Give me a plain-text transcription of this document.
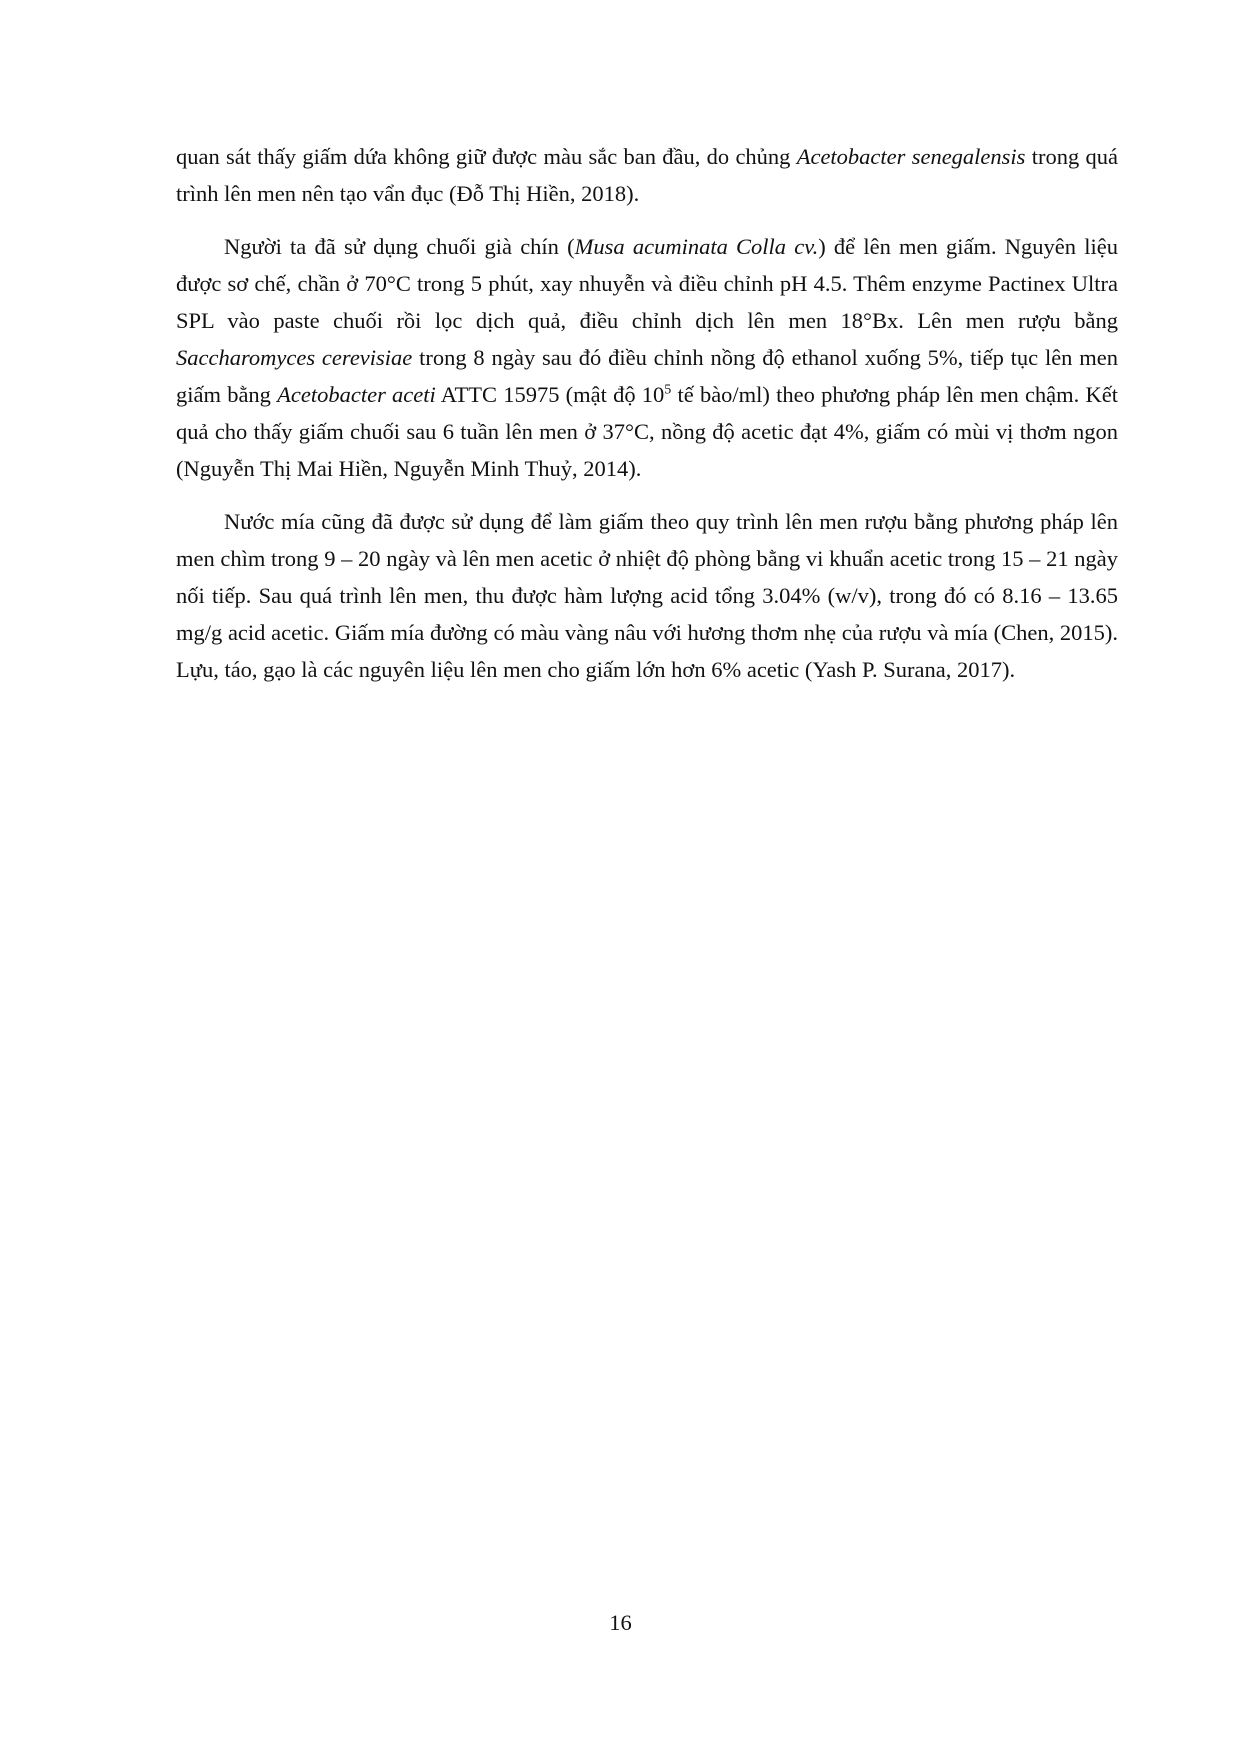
quan sát thấy giấm dứa không giữ được màu sắc ban đầu, do chủng Acetobacter senegalensis trong quá trình lên men nên tạo vẩn đục (Đỗ Thị Hiền, 2018).

Người ta đã sử dụng chuối già chín (Musa acuminata Colla cv.) để lên men giấm. Nguyên liệu được sơ chế, chần ở 70°C trong 5 phút, xay nhuyễn và điều chỉnh pH 4.5. Thêm enzyme Pactinex Ultra SPL vào paste chuối rồi lọc dịch quả, điều chỉnh dịch lên men 18°Bx. Lên men rượu bằng Saccharomyces cerevisiae trong 8 ngày sau đó điều chỉnh nồng độ ethanol xuống 5%, tiếp tục lên men giấm bằng Acetobacter aceti ATTC 15975 (mật độ $10^5$ tế bào/ml) theo phương pháp lên men chậm. Kết quả cho thấy giấm chuối sau 6 tuần lên men ở 37°C, nồng độ acetic đạt 4%, giấm có mùi vị thơm ngon (Nguyễn Thị Mai Hiền, Nguyễn Minh Thuỷ, 2014).

Nước mía cũng đã được sử dụng để làm giấm theo quy trình lên men rượu bằng phương pháp lên men chìm trong 9 – 20 ngày và lên men acetic ở nhiệt độ phòng bằng vi khuẩn acetic trong 15 – 21 ngày nối tiếp. Sau quá trình lên men, thu được hàm lượng acid tổng 3.04% (w/v), trong đó có 8.16 – 13.65 mg/g acid acetic. Giấm mía đường có màu vàng nâu với hương thơm nhẹ của rượu và mía (Chen, 2015). Lựu, táo, gạo là các nguyên liệu lên men cho giấm lớn hơn 6% acetic (Yash P. Surana, 2017).

16
